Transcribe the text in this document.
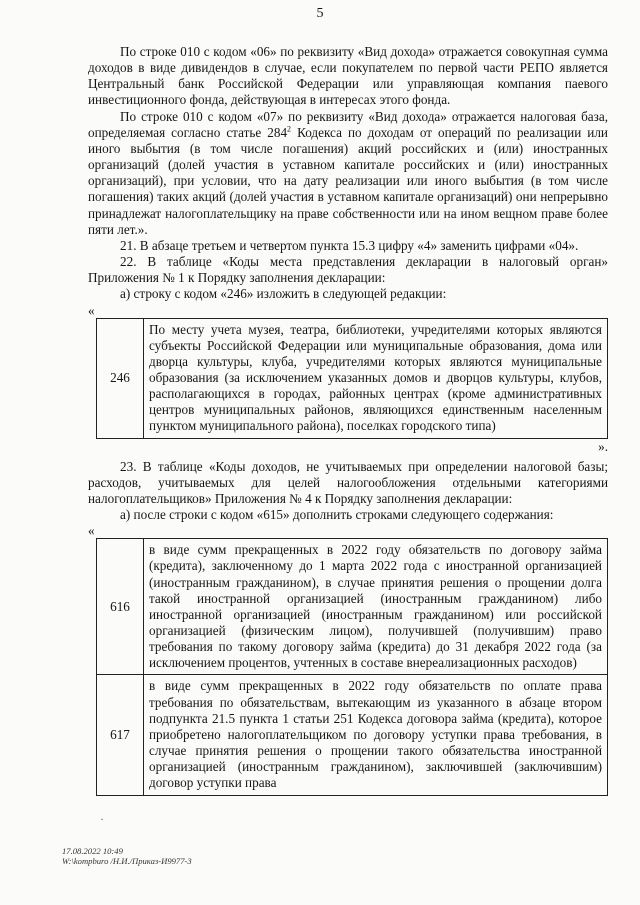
5

По строке 010 с кодом «06» по реквизиту «Вид дохода» отражается совокупная сумма доходов в виде дивидендов в случае, если покупателем по первой части РЕПО является Центральный банк Российской Федерации или управляющая компания паевого инвестиционного фонда, действующая в интересах этого фонда.

По строке 010 с кодом «07» по реквизиту «Вид дохода» отражается налоговая база, определяемая согласно статье $284^2$ Кодекса по доходам от операций по реализации или иного выбытия (в том числе погашения) акций российских и (или) иностранных организаций (долей участия в уставном капитале российских и (или) иностранных организаций), при условии, что на дату реализации или иного выбытия (в том числе погашения) таких акций (долей участия в уставном капитале организаций) они непрерывно принадлежат налогоплательщику на праве собственности или на ином вещном праве более пяти лет.».

21. В абзаце третьем и четвертом пункта 15.3 цифру «4» заменить цифрами «04».

22. В таблице «Коды места представления декларации в налоговый орган» Приложения № 1 к Порядку заполнения декларации:

а) строку с кодом «246» изложить в следующей редакции:

«
246	По месту учета музея, театра, библиотеки, учредителями которых являются субъекты Российской Федерации или муниципальные образования, дома или дворца культуры, клуба, учредителями которых являются муниципальные образования (за исключением указанных домов и дворцов культуры, клубов, располагающихся в городах, районных центрах (кроме административных центров муниципальных районов, являющихся единственным населенным пунктом муниципального района), поселках городского типа)
».

23. В таблице «Коды доходов, не учитываемых при определении налоговой базы; расходов, учитываемых для целей налогообложения отдельными категориями налогоплательщиков» Приложения № 4 к Порядку заполнения декларации:

а) после строки с кодом «615» дополнить строками следующего содержания:

«
616	в виде сумм прекращенных в 2022 году обязательств по договору займа (кредита), заключенному до 1 марта 2022 года с иностранной организацией (иностранным гражданином), в случае принятия решения о прощении долга такой иностранной организацией (иностранным гражданином) либо иностранной организацией (иностранным гражданином) или российской организацией (физическим лицом), получившей (получившим) право требования по такому договору займа (кредита) до 31 декабря 2022 года (за исключением процентов, учтенных в составе внереализационных расходов)
617	в виде сумм прекращенных в 2022 году обязательств по оплате права требования по обязательствам, вытекающим из указанного в абзаце втором подпункта 21.5 пункта 1 статьи 251 Кодекса договора займа (кредита), которое приобретено налогоплательщиком по договору уступки права требования, в случае принятия решения о прощении такого обязательства иностранной организацией (иностранным гражданином), заключившей (заключившим) договор уступки права
·
17.08.2022 10:49
W:\kompburo /Н.И./Приказ-И9977-3
